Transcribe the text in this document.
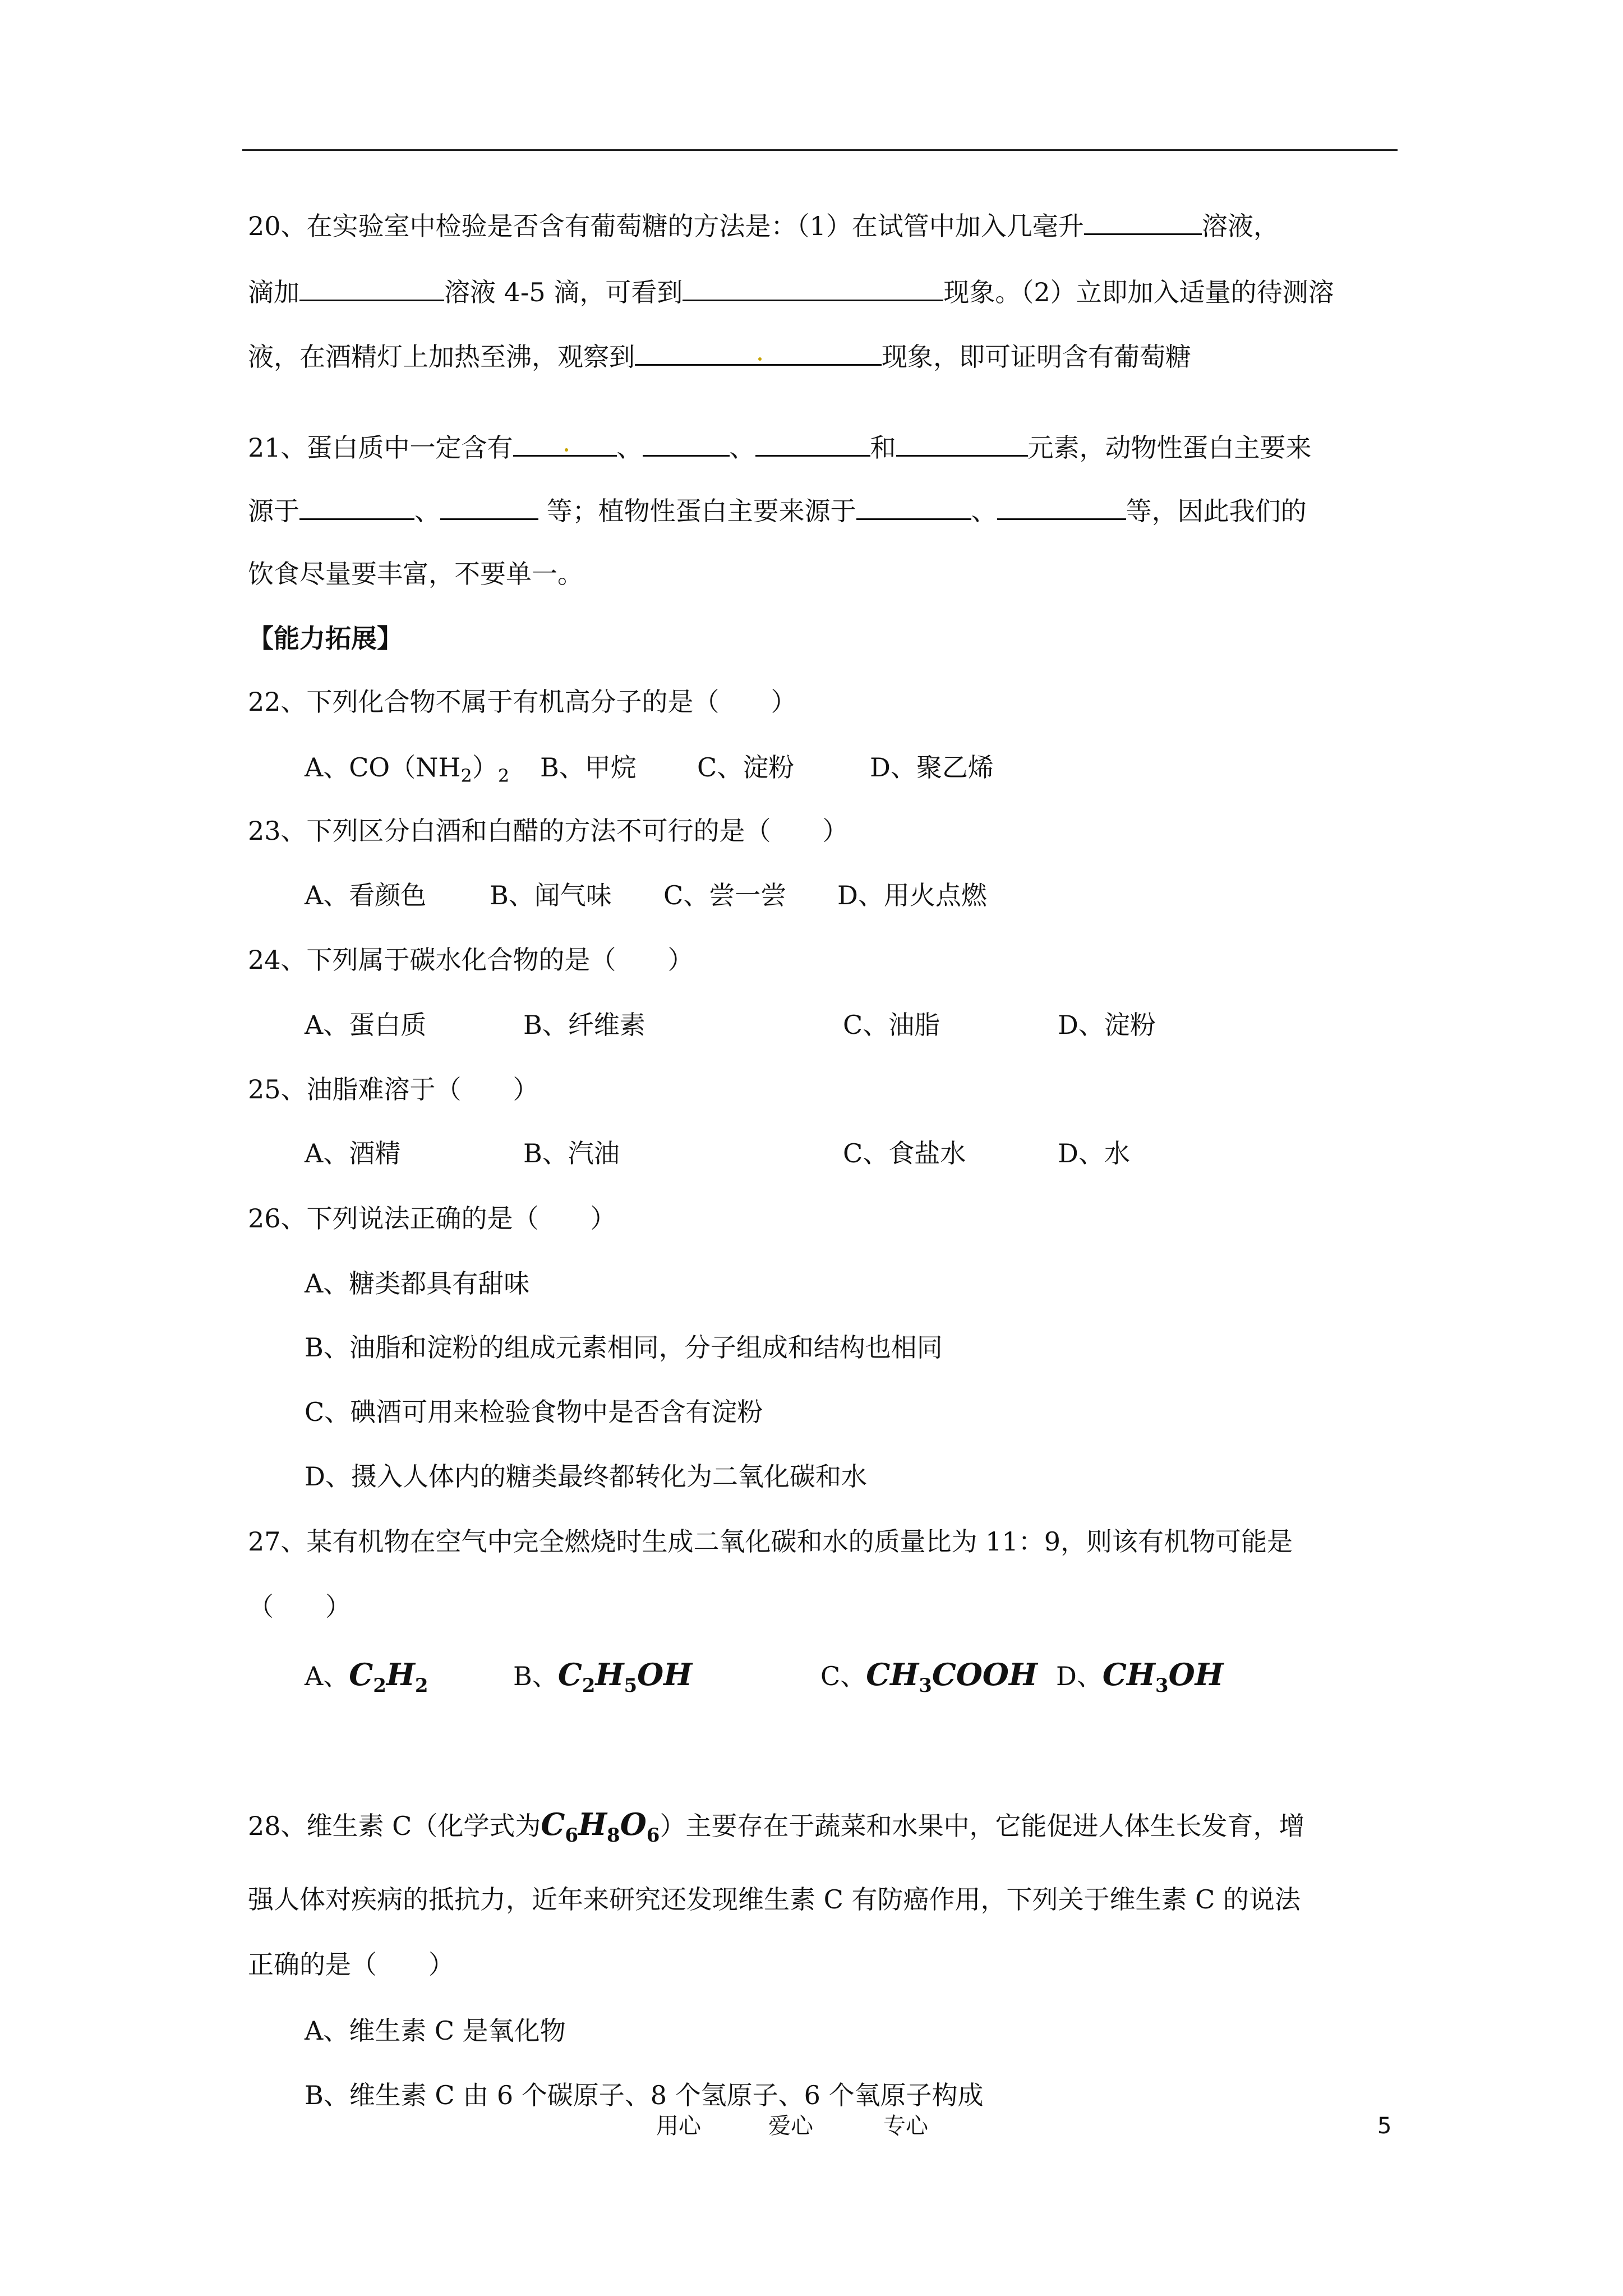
20、在实验室中检验是否含有葡萄糖的方法是：（1）在试管中加入几毫升	溶液，
滴加	溶液 4-5 滴，可看到	现象。（2）立即加入适量的待测溶
液，在酒精灯上加热至沸，观察到	现象，即可证明含有葡萄糖
21、蛋白质中一定含有	、	、	和	元素，动物性蛋白主要来
源于	、	等；植物性蛋白主要来源于	、	等，因此我们的
饮食尽量要丰富，不要单一。
【能力拓展】
22、下列化合物不属于有机高分子的是（　　）
A、$CO(NH_2)_2$ B、甲烷 C、淀粉	D、聚乙烯
23、下列区分白酒和白醋的方法不可行的是（　　）
A、看颜色 B、闻气味 C、尝一尝 D、用火点燃
24、下列属于碳水化合物的是（　　）
A、蛋白质	B、纤维素	C、油脂	D、淀粉
25、油脂难溶于（　　）
A、酒精	B、汽油	C、食盐水	D、水
26、下列说法正确的是（　　）
A、糖类都具有甜味
B、油脂和淀粉的组成元素相同，分子组成和结构也相同
C、碘酒可用来检验食物中是否含有淀粉
D、摄入人体内的糖类最终都转化为二氧化碳和水
27、某有机物在空气中完全燃烧时生成二氧化碳和水的质量比为 11：9，则该有机物可能是
（　　）
A、$C_2H_2$	B、$C_2H_5OH$	C、$CH_3COOH$ D、$CH_3OH$
28、维生素 C（化学式为$C_6H_8O_6$）主要存在于蔬菜和水果中，它能促进人体生长发育，增
强人体对疾病的抵抗力，近年来研究还发现维生素 C 有防癌作用，下列关于维生素 C 的说法
正确的是（　　）
A、维生素 C 是氧化物
B、维生素 C 由 6 个碳原子、8 个氢原子、6 个氧原子构成
用心	爱心	专心	5
